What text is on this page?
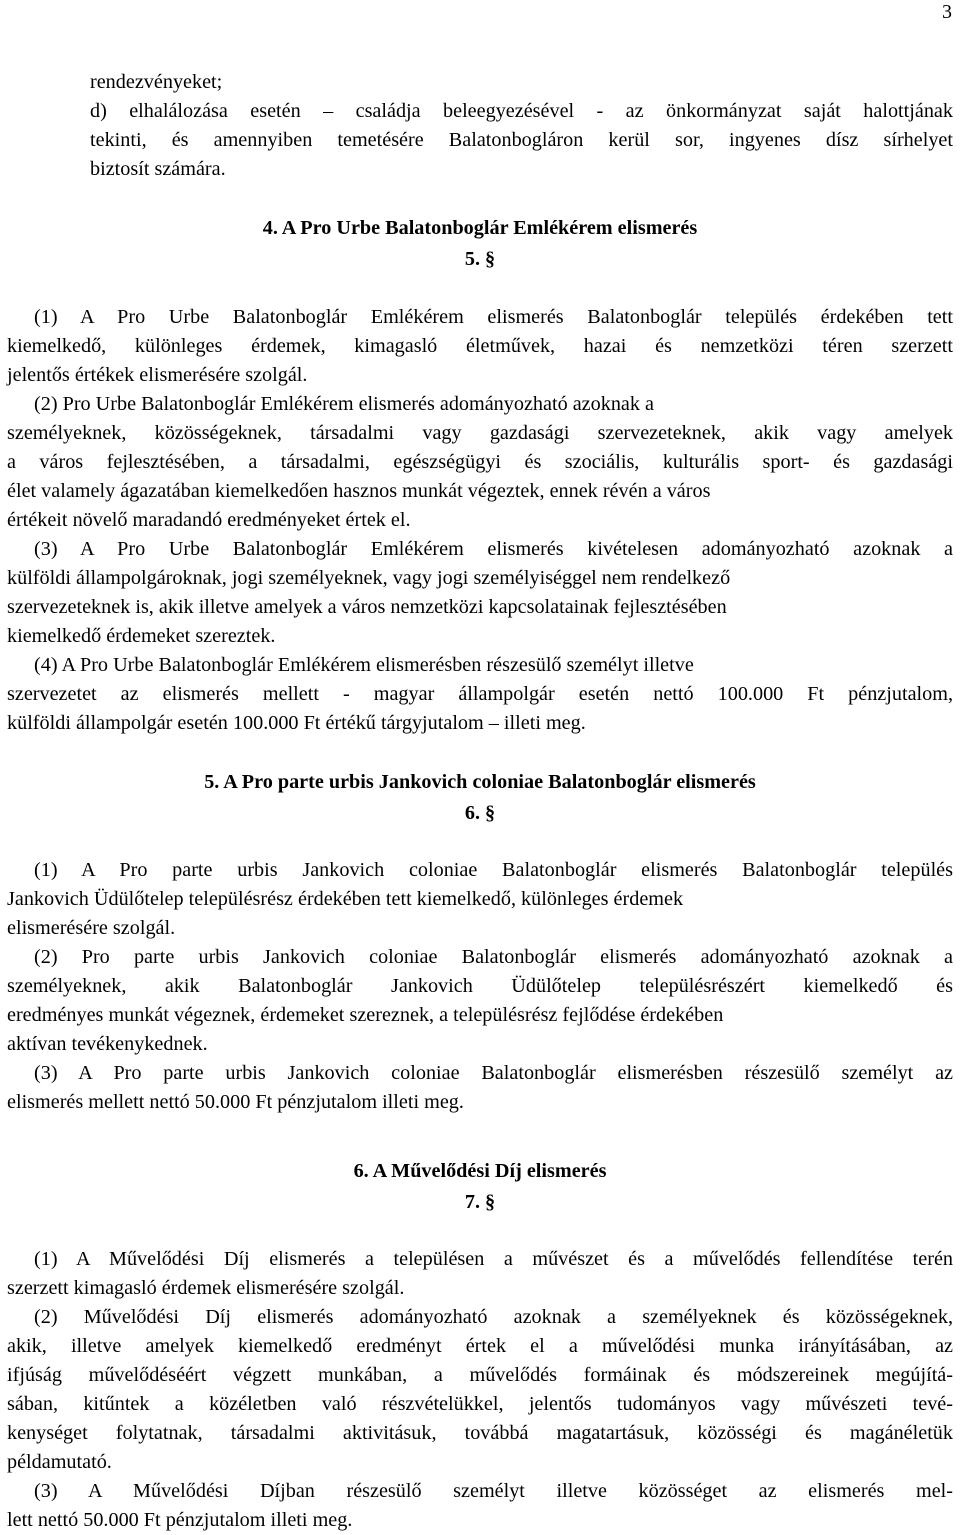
3
rendezvényeket;
d) elhalálozása esetén – családja beleegyezésével - az önkormányzat saját halottjának
tekinti, és amennyiben temetésére Balatonbogláron kerül sor, ingyenes dísz sírhelyet
biztosít számára.
4. A Pro Urbe Balatonboglár Emlékérem elismerés
5. §
(1) A Pro Urbe Balatonboglár Emlékérem elismerés Balatonboglár település érdekében tett
kiemelkedő, különleges érdemek, kimagasló életművek, hazai és nemzetközi téren szerzett
jelentős értékek elismerésére szolgál.
(2) Pro Urbe Balatonboglár Emlékérem elismerés adományozható azoknak a
személyeknek, közösségeknek, társadalmi vagy gazdasági szervezeteknek, akik vagy amelyek
a város fejlesztésében, a társadalmi, egészségügyi és szociális, kulturális sport- és gazdasági
élet valamely ágazatában kiemelkedően hasznos munkát végeztek, ennek révén a város
értékeit növelő maradandó eredményeket értek el.
(3) A Pro Urbe Balatonboglár Emlékérem elismerés kivételesen adományozható azoknak a
külföldi állampolgároknak, jogi személyeknek, vagy jogi személyiséggel nem rendelkező
szervezeteknek is, akik illetve amelyek a város nemzetközi kapcsolatainak fejlesztésében
kiemelkedő érdemeket szereztek.
(4) A Pro Urbe Balatonboglár Emlékérem elismerésben részesülő személyt illetve
szervezetet az elismerés mellett - magyar állampolgár esetén nettó 100.000 Ft pénzjutalom,
külföldi állampolgár esetén 100.000 Ft értékű tárgyjutalom – illeti meg.
5. A Pro parte urbis Jankovich coloniae Balatonboglár elismerés
6. §
(1) A Pro parte urbis Jankovich coloniae Balatonboglár elismerés Balatonboglár település
Jankovich Üdülőtelep településrész érdekében tett kiemelkedő, különleges érdemek
elismerésére szolgál.
(2) Pro parte urbis Jankovich coloniae Balatonboglár elismerés adományozható azoknak a
személyeknek, akik Balatonboglár Jankovich Üdülőtelep településrészért kiemelkedő és
eredményes munkát végeznek, érdemeket szereznek, a településrész fejlődése érdekében
aktívan tevékenykednek.
(3) A Pro parte urbis Jankovich coloniae Balatonboglár elismerésben részesülő személyt az
elismerés mellett nettó 50.000 Ft pénzjutalom illeti meg.
6. A Művelődési Díj elismerés
7. §
(1) A Művelődési Díj elismerés a településen a művészet és a művelődés fellendítése terén
szerzett kimagasló érdemek elismerésére szolgál.
(2) Művelődési Díj elismerés adományozható azoknak a személyeknek és közösségeknek,
akik, illetve amelyek kiemelkedő eredményt értek el a művelődési munka irányításában, az
ifjúság művelődéséért végzett munkában, a művelődés formáinak és módszereinek megújítá-
sában, kitűntek a közéletben való részvételükkel, jelentős tudományos vagy művészeti tevé-
kenységet folytatnak, társadalmi aktivitásuk, továbbá magatartásuk, közösségi és magánéletük
példamutató.
(3) A Művelődési Díjban részesülő személyt illetve közösséget az elismerés mel-
lett nettó 50.000 Ft pénzjutalom illeti meg.
